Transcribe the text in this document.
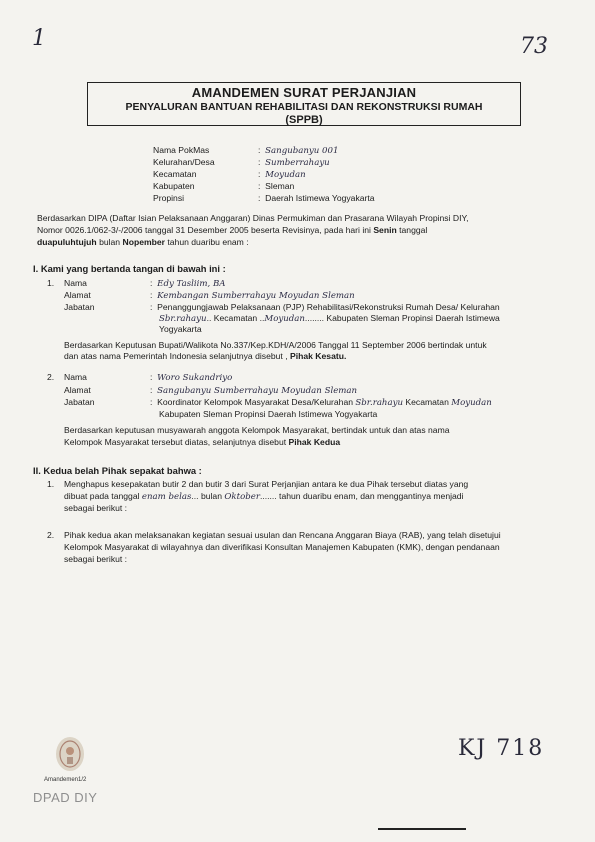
1	73
AMANDEMEN SURAT PERJANJIAN
PENYALURAN BANTUAN REHABILITASI DAN REKONSTRUKSI RUMAH
(SPPB)
Nama PokMas	:  Sangubanyu 001
Kelurahan/Desa	:  Sumberrahayu
Kecamatan	:  Moyudan
Kabupaten	:  Sleman
Propinsi	:  Daerah Istimewa Yogyakarta
Berdasarkan DIPA (Daftar Isian Pelaksanaan Anggaran) Dinas Permukiman dan Prasarana Wilayah Propinsi DIY,
Nomor 0026.1/062-3/-/2006 tanggal 31 Desember 2005 beserta Revisinya, pada hari ini Senin tanggal
duapuluhtujuh bulan Nopember tahun duaribu enam :
I. Kami yang bertanda tangan di bawah ini :
1. Nama	:  Edy Tasliim, BA
Alamat	:  Kembangan Sumberrahayu Moyudan Sleman
Jabatan	:  Penanggungjawab Pelaksanaan (PJP) Rehabilitasi/Rekonstruksi Rumah Desa/ Kelurahan
Sbr.rahayu.. Kecamatan ..Moyudan........ Kabupaten Sleman Propinsi Daerah Istimewa
Yogyakarta
Berdasarkan Keputusan Bupati/Walikota No.337/Kep.KDH/A/2006 Tanggal 11 September 2006 bertindak untuk
dan atas nama Pemerintah Indonesia selanjutnya disebut , Pihak Kesatu.
2. Nama	:  Woro Sukandriyo
Alamat	:  Sangubanyu Sumberrahayu Moyudan Sleman
Jabatan	:  Koordinator Kelompok Masyarakat Desa/Kelurahan Sbr.rahayu Kecamatan Moyudan
Kabupaten Sleman Propinsi Daerah Istimewa Yogyakarta
Berdasarkan keputusan musyawarah anggota Kelompok Masyarakat, bertindak untuk dan atas nama
Kelompok Masyarakat tersebut diatas, selanjutnya disebut Pihak Kedua
II. Kedua belah Pihak sepakat bahwa :
1. Menghapus kesepakatan butir 2 dan butir 3 dari Surat Perjanjian antara ke dua Pihak tersebut diatas yang
dibuat pada tanggal enam belas... bulan Oktober....... tahun duaribu enam, dan menggantinya menjadi
sebagai berikut :
2. Pihak kedua akan melaksanakan kegiatan sesuai usulan dan Rencana Anggaran Biaya (RAB), yang telah disetujui
Kelompok Masyarakat di wilayahnya dan diverifikasi Konsultan Manajemen Kabupaten (KMK), dengan pendanaan
sebagai berikut :
KJ 718
Amandemen1/2
DPAD DIY
